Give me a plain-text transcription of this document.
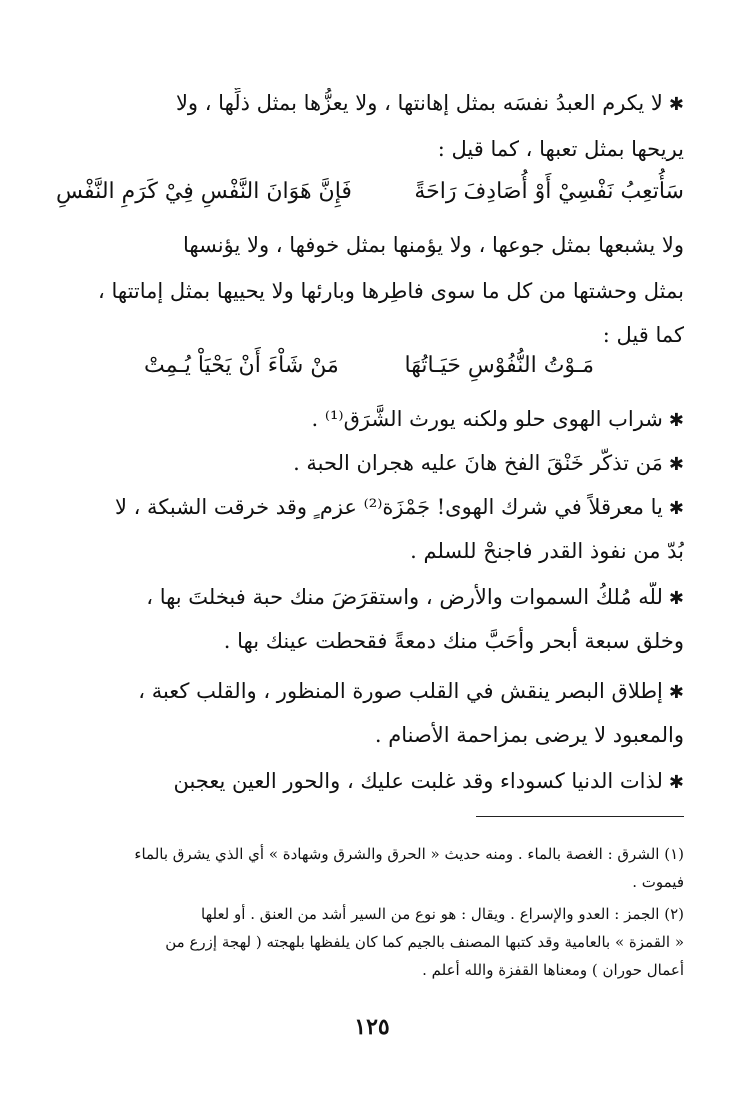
✱لا يكرم العبدُ نفسَه بمثل إهانتها ، ولا يعزُّها بمثل ذلِّها ، ولا
يريحها بمثل تعبها ، كما قيل :
سَأُتعِبُ نَفْسِيْ أَوْ أُصَادِفَ رَاحَةً
فَإِنَّ هَوَانَ النَّفْسِ فِيْ كَرَمِ النَّفْسِ
ولا يشبعها بمثل جوعها ، ولا يؤمنها بمثل خوفها ، ولا يؤنسها
بمثل وحشتها من كل ما سوى فاطِرها وبارئها ولا يحييها بمثل إماتتها ،
كما قيل :
مَـوْتُ النُّفُوْسِ حَيَـاتُهَا
مَنْ شَاْءَ أَنْ يَحْيَاْ يُـمِتْ
✱شراب الهوى حلو ولكنه يورث الشَّرَق⁽¹⁾ .
✱مَن تذكَّر خَنْقَ الفخ هانَ عليه هجران الحبة .
✱يا معرقلاً في شرك الهوى! جَمْزَة⁽²⁾ عزم ٍ وقد خرقت الشبكة ، لا
بُدّ من نفوذ القدر فاجنحْ للسلم .
✱للّه مُلكُ السموات والأرض ، واستقرَضَ منك حبة فبخلتَ بها ،
وخلق سبعة أبحر وأحَبَّ منك دمعةً فقحطت عينك بها .
✱إطلاق البصر ينقش في القلب صورة المنظور ، والقلب كعبة ،
والمعبود لا يرضى بمزاحمة الأصنام .
✱لذات الدنيا كسوداء وقد غلبت عليك ، والحور العين يعجبن
(١) الشرق : الغصة بالماء . ومنه حديث « الحرق والشرق وشهادة » أي الذي يشرق بالماء
فيموت .
(٢) الجمز : العدو والإسراع . ويقال : هو نوع من السير أشد من العنق . أو لعلها
« القمزة » بالعامية وقد كتبها المصنف بالجيم كما كان يلفظها بلهجته ( لهجة إزرع من
أعمال حوران ) ومعناها القفزة والله أعلم .
١٢٥
